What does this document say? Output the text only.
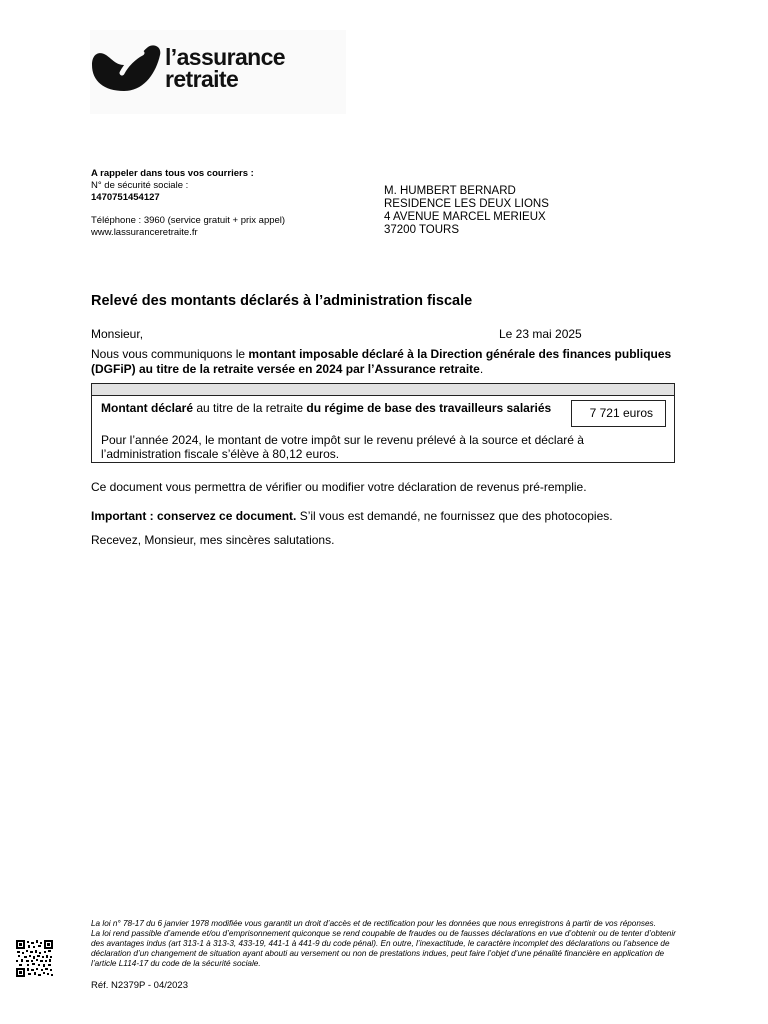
l’assurance
retraite
A rappeler dans tous vos courriers :
N° de sécurité sociale :
1470751454127
Téléphone : 3960 (service gratuit + prix appel)
www.lassuranceretraite.fr
M. HUMBERT BERNARD
RESIDENCE LES DEUX LIONS
4 AVENUE MARCEL MERIEUX
37200 TOURS
Relevé des montants déclarés à l’administration fiscale
Monsieur,	Le 23 mai 2025
Nous vous communiquons le montant imposable déclaré à la Direction générale des finances publiques (DGFiP) au titre de la retraite versée en 2024 par l’Assurance retraite.
Montant déclaré au titre de la retraite du régime de base des travailleurs salariés	7 721 euros
Pour l’année 2024, le montant de votre impôt sur le revenu prélevé à la source et déclaré à l’administration fiscale s’élève à 80,12 euros.
Ce document vous permettra de vérifier ou modifier votre déclaration de revenus pré-remplie.
Important : conservez ce document. S’il vous est demandé, ne fournissez que des photocopies.
Recevez, Monsieur, mes sincères salutations.
La loi n° 78-17 du 6 janvier 1978 modifiée vous garantit un droit d’accès et de rectification pour les données que nous enregistrons à partir de vos réponses.
La loi rend passible d’amende et/ou d’emprisonnement quiconque se rend coupable de fraudes ou de fausses déclarations en vue d’obtenir ou de tenter d’obtenir des avantages indus (art 313-1 à 313-3, 433-19, 441-1 à 441-9 du code pénal). En outre, l’inexactitude, le caractère incomplet des déclarations ou l’absence de déclaration d’un changement de situation ayant abouti au versement ou non de prestations indues, peut faire l’objet d’une pénalité financière en application de l’article L114-17 du code de la sécurité sociale.
Réf. N2379P - 04/2023
